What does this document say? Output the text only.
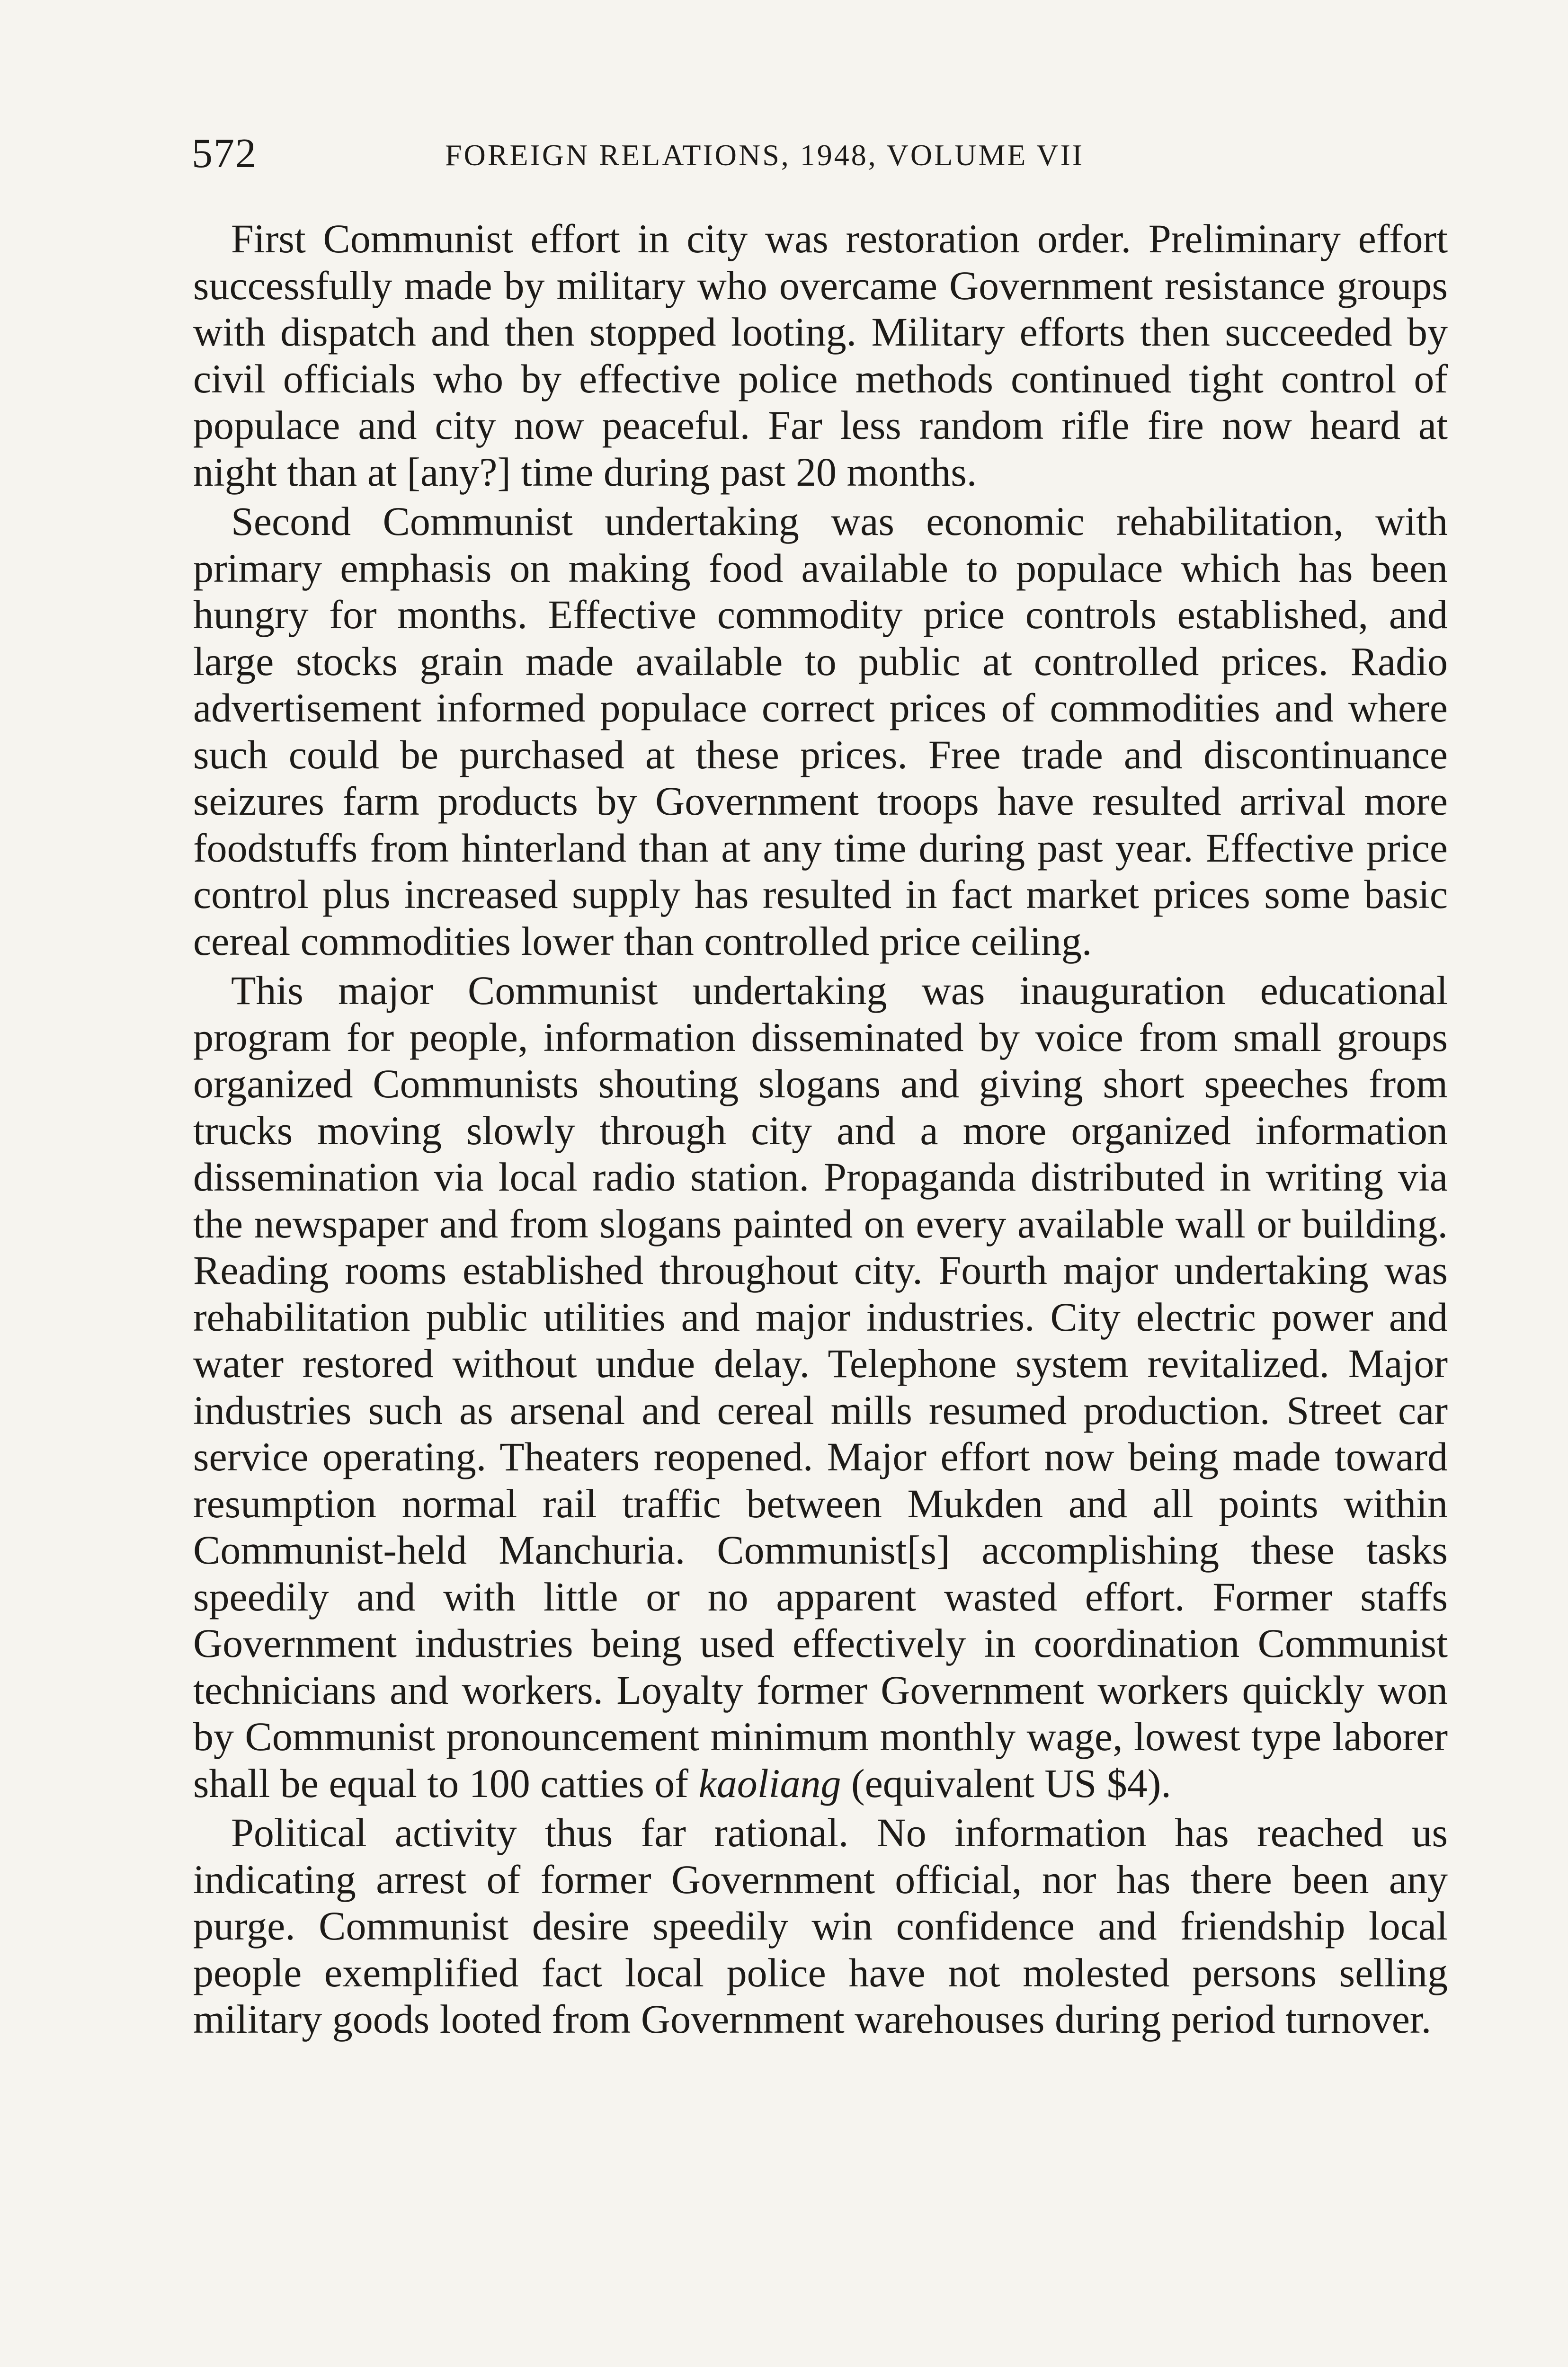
572	FOREIGN RELATIONS, 1948, VOLUME VII

First Communist effort in city was restoration order. Preliminary effort successfully made by military who overcame Government resistance groups with dispatch and then stopped looting. Military efforts then succeeded by civil officials who by effective police methods continued tight control of populace and city now peaceful. Far less random rifle fire now heard at night than at [any?] time during past 20 months.

Second Communist undertaking was economic rehabilitation, with primary emphasis on making food available to populace which has been hungry for months. Effective commodity price controls established, and large stocks grain made available to public at controlled prices. Radio advertisement informed populace correct prices of commodities and where such could be purchased at these prices. Free trade and discontinuance seizures farm products by Government troops have resulted arrival more foodstuffs from hinterland than at any time during past year. Effective price control plus increased supply has resulted in fact market prices some basic cereal commodities lower than controlled price ceiling.

This major Communist undertaking was inauguration educational program for people, information disseminated by voice from small groups organized Communists shouting slogans and giving short speeches from trucks moving slowly through city and a more organized information dissemination via local radio station. Propaganda distributed in writing via the newspaper and from slogans painted on every available wall or building. Reading rooms established throughout city. Fourth major undertaking was rehabilitation public utilities and major industries. City electric power and water restored without undue delay. Telephone system revitalized. Major industries such as arsenal and cereal mills resumed production. Street car service operating. Theaters reopened. Major effort now being made toward resumption normal rail traffic between Mukden and all points within Communist-held Manchuria. Communist[s] accomplishing these tasks speedily and with little or no apparent wasted effort. Former staffs Government industries being used effectively in coordination Communist technicians and workers. Loyalty former Government workers quickly won by Communist pronouncement minimum monthly wage, lowest type laborer shall be equal to 100 catties of kaoliang (equivalent US $4).

Political activity thus far rational. No information has reached us indicating arrest of former Government official, nor has there been any purge. Communist desire speedily win confidence and friendship local people exemplified fact local police have not molested persons selling military goods looted from Government warehouses during period turnover.
